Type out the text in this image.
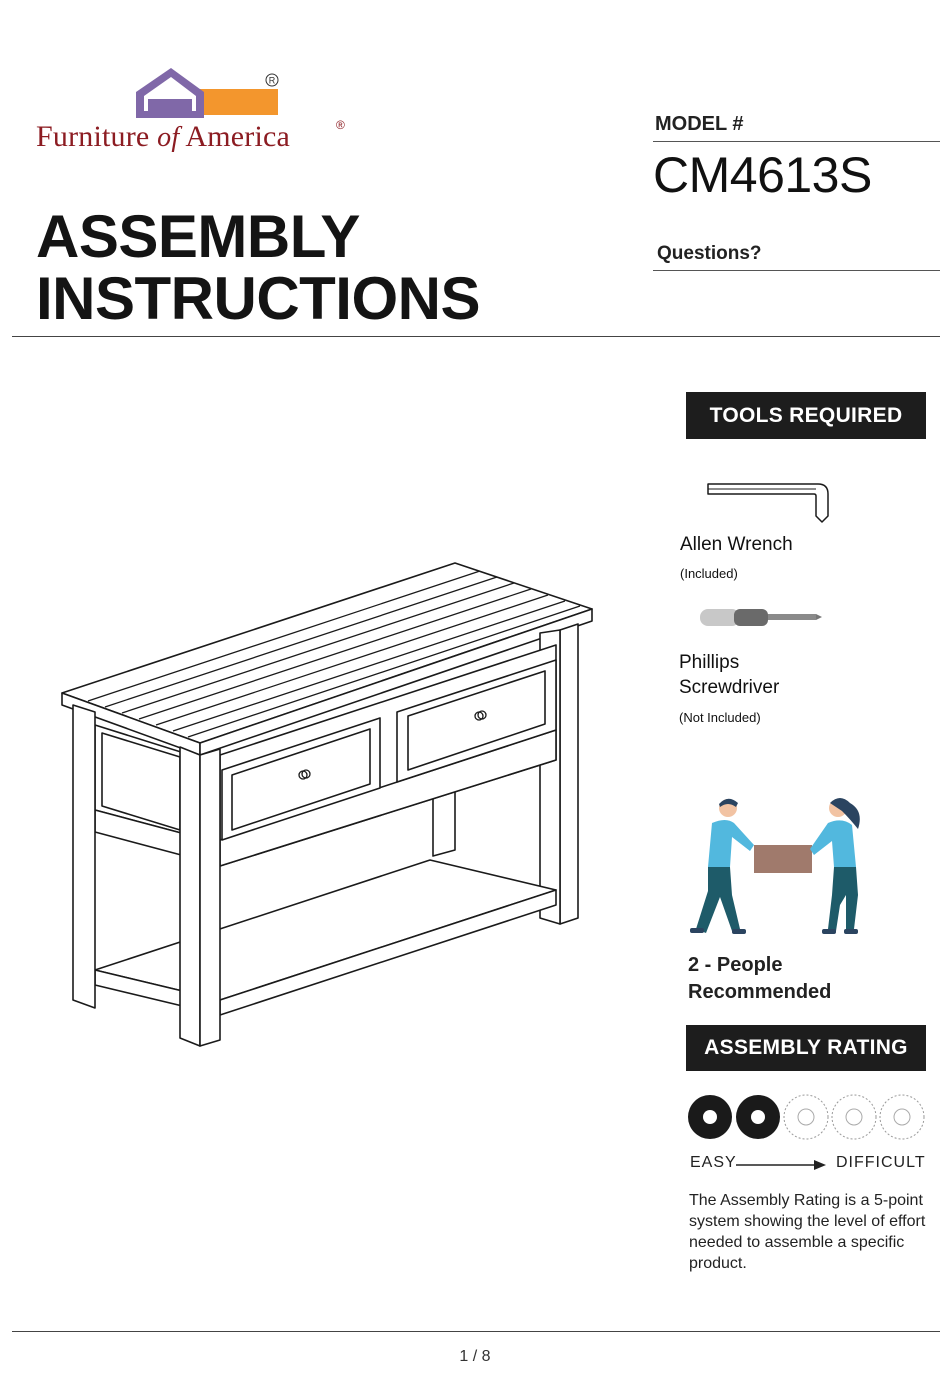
R
Furniture of America	®
ASSEMBLY
INSTRUCTIONS
MODEL #
CM4613S
Questions?
TOOLS REQUIRED
Allen Wrench
(Included)
Phillips
Screwdriver
(Not Included)
2 - People
Recommended
ASSEMBLY RATING
EASY	DIFFICULT
The Assembly Rating is a 5-point system showing the level of effort needed to assemble a specific product.
1 / 8
